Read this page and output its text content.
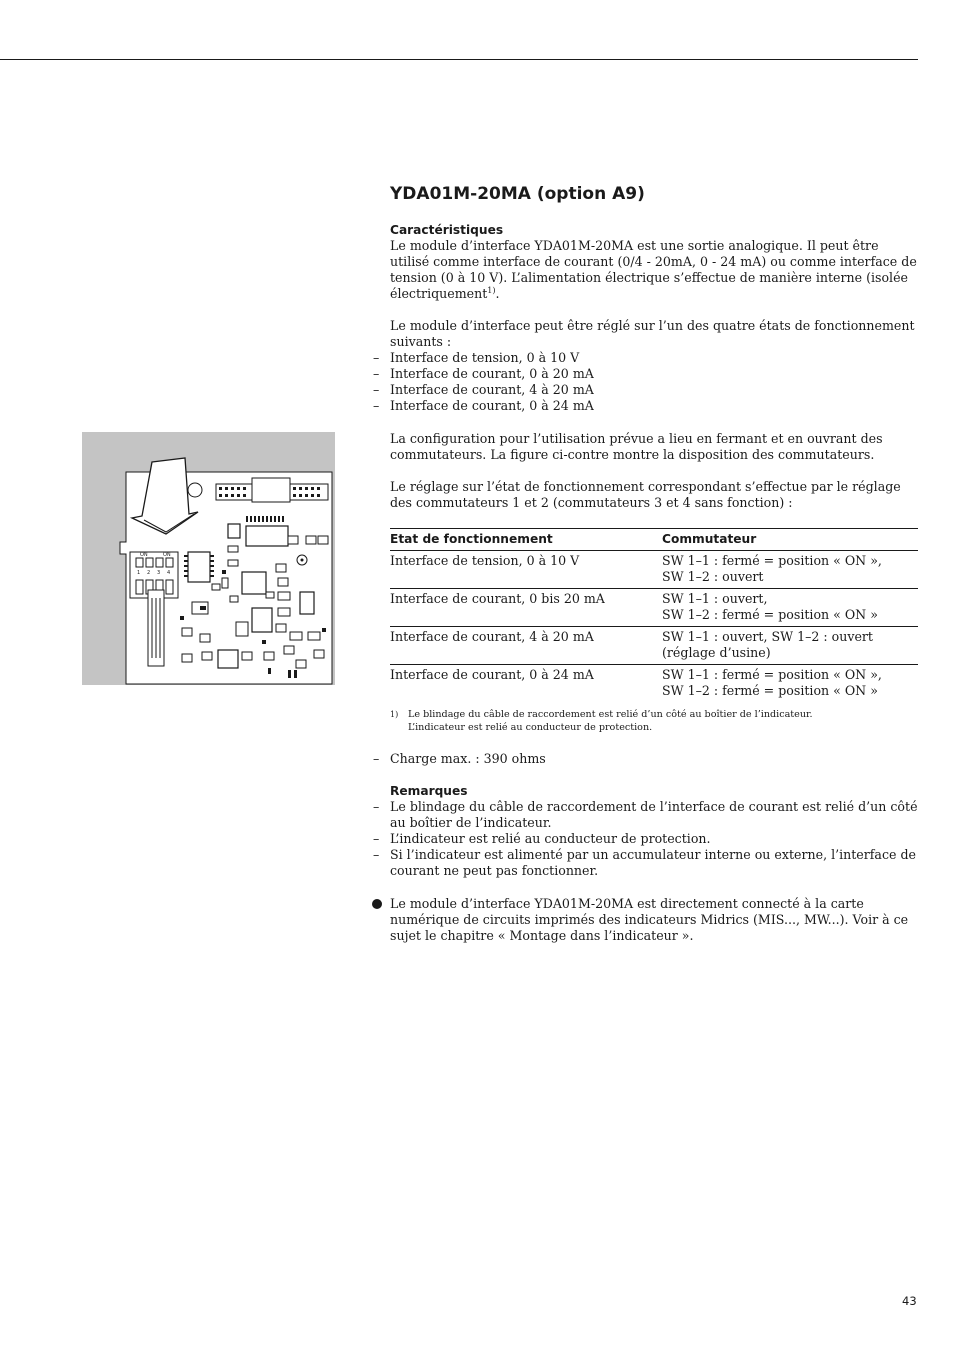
YDA01M-20MA (option A9)

Caractéristiques

Le module d’interface YDA01M-20MA est une sortie analogique. Il peut être utilisé comme interface de courant (0/4 - 20mA, 0 - 24 mA) ou comme interface de tension (0 à 10 V). L’alimentation électrique s’effectue de manière interne (isolée électriquement$^{1)}$.

Le module d’interface peut être réglé sur l’un des quatre états de fonctionnement suivants :

– Interface de tension, 0 à 10 V

– Interface de courant, 0 à 20 mA

– Interface de courant, 4 à 20 mA

– Interface de courant, 0 à 24 mA

La configuration pour l’utilisation prévue a lieu en fermant et en ouvrant des commutateurs. La figure ci-contre montre la disposition des commutateurs.

Le réglage sur l’état de fonctionnement correspondant s’effectue par le réglage des commutateurs 1 et 2 (commutateurs 3 et 4 sans fonction) :

Etat de fonctionnement	Commutateur
Interface de tension, 0 à 10 V	SW 1–1 : fermé = position « ON »,
SW 1–2 : ouvert

Interface de courant, 0 bis 20 mA	SW 1–1 : ouvert,
SW 1–2 : fermé = position « ON »

Interface de courant, 4 à 20 mA	SW 1–1 : ouvert, SW 1–2 : ouvert
(réglage d’usine)

Interface de courant, 0 à 24 mA	SW 1–1 : fermé = position « ON »,
SW 1–2 : fermé = position « ON »
1) Le blindage du câble de raccordement est relié d’un côté au boîtier de l’indicateur.
L’indicateur est relié au conducteur de protection.

– Charge max. : 390 ohms

Remarques

– Le blindage du câble de raccordement de l’interface de courant est relié d’un côté au boîtier de l’indicateur.

– L’indicateur est relié au conducteur de protection.

– Si l’indicateur est alimenté par un accumulateur interne ou externe, l’interface de courant ne peut pas fonctionner.

Le module d’interface YDA01M-20MA est directement connecté à la carte numérique de circuits imprimés des indicateurs Midrics (MIS..., MW...). Voir à ce sujet le chapitre « Montage dans l’indicateur ».

ON	ON
1 2 3 4
43
